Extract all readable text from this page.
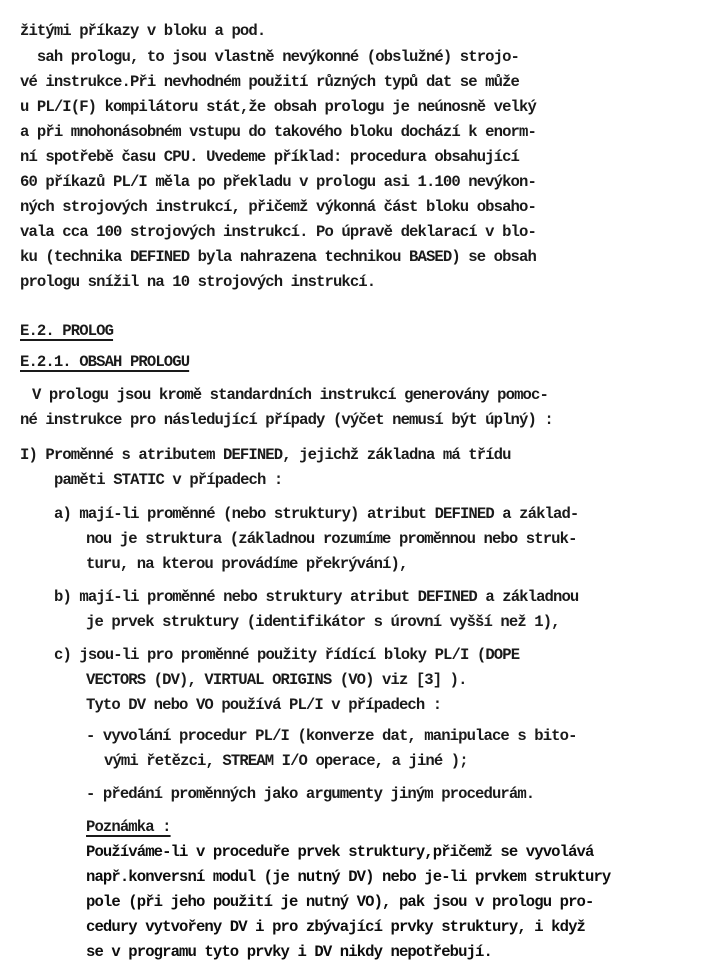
žitými příkazy v bloku a pod.
sah prologu, to jsou vlastně nevýkonné (obslužné) strojo-
vé instrukce.Při nevhodném použití různých typů dat se může
u PL/I(F) kompilátoru stát,že obsah prologu je neúnosně velký
a při mnohonásobném vstupu do takového bloku dochází k enorm-
ní spotřebě času CPU. Uvedeme příklad: procedura obsahující
60 příkazů PL/I měla po překladu v prologu asi 1.100 nevýkon-
ných strojových instrukcí, přičemž výkonná část bloku obsaho-
vala cca 100 strojových instrukcí. Po úpravě deklarací v blo-
ku (technika DEFINED byla nahrazena technikou BASED) se obsah
prologu snížil na 10 strojových instrukcí.
E.2. PROLOG
E.2.1. OBSAH PROLOGU
V prologu jsou kromě standardních instrukcí generovány pomoc-
né instrukce pro následující případy (výčet nemusí být úplný) :
I) Proměnné s atributem DEFINED, jejichž základna má třídu
paměti STATIC v případech :
a) mají-li proměnné (nebo struktury) atribut DEFINED a základ-
nou je struktura (základnou rozumíme proměnnou nebo struk-
turu, na kterou provádíme překrývání),
b) mají-li proměnné nebo struktury atribut DEFINED a základnou
je prvek struktury (identifikátor s úrovní vyšší než 1),
c) jsou-li pro proměnné použity řídící bloky PL/I (DOPE
VECTORS (DV), VIRTUAL ORIGINS (VO) viz [3] ).
Tyto DV nebo VO používá PL/I v případech :
- vyvolání procedur PL/I (konverze dat, manipulace s bito-
vými řetězci, STREAM I/O operace, a jiné );
- předání proměnných jako argumenty jiným procedurám.
Poznámka :
Používáme-li v proceduře prvek struktury,přičemž se vyvolává
např.konversní modul (je nutný DV) nebo je-li prvkem struktury
pole (při jeho použití je nutný VO), pak jsou v prologu pro-
cedury vytvořeny DV i pro zbývající prvky struktury, i když
se v programu tyto prvky i DV nikdy nepotřebují.
